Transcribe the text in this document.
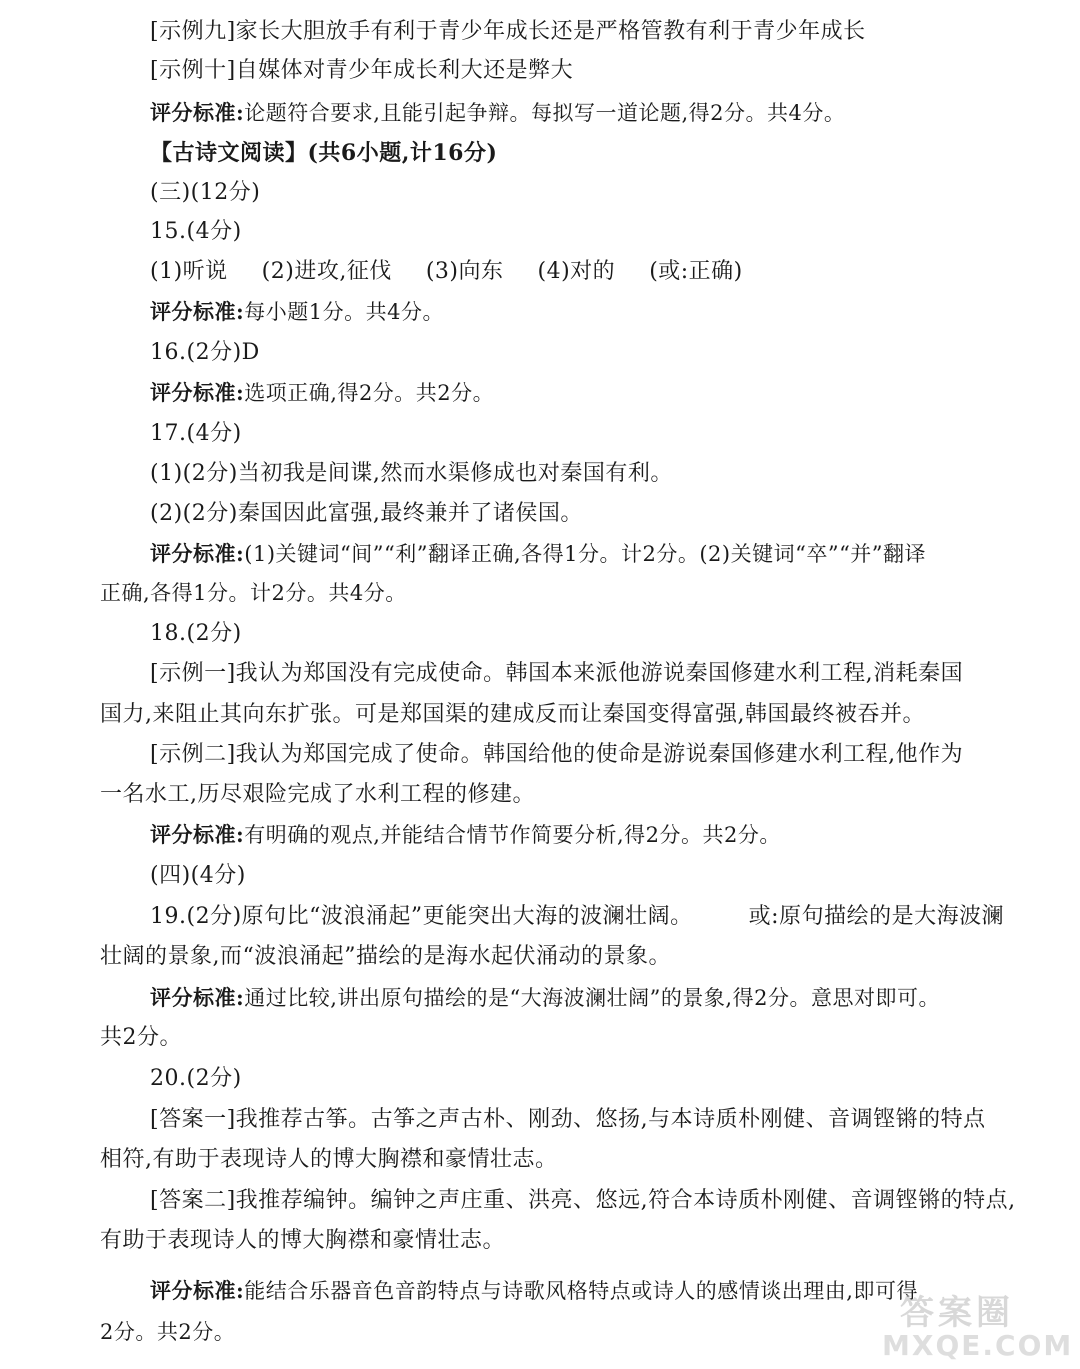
[示例九]家长大胆放手有利于青少年成长还是严格管教有利于青少年成长
[示例十]自媒体对青少年成长利大还是弊大
评分标准:论题符合要求,且能引起争辩。每拟写一道论题,得2分。共4分。
【古诗文阅读】(共6小题,计16分)
(三)(12分)
15.(4分)
(1)听说 (2)进攻,征伐 (3)向东 (4)对的 (或:正确)
评分标准:每小题1分。共4分。
16.(2分)D
评分标准:选项正确,得2分。共2分。
17.(4分)
(1)(2分)当初我是间谍,然而水渠修成也对秦国有利。
(2)(2分)秦国因此富强,最终兼并了诸侯国。
评分标准:(1)关键词“间”“利”翻译正确,各得1分。计2分。(2)关键词“卒”“并”翻译
正确,各得1分。计2分。共4分。
18.(2分)
[示例一]我认为郑国没有完成使命。韩国本来派他游说秦国修建水利工程,消耗秦国
国力,来阻止其向东扩张。可是郑国渠的建成反而让秦国变得富强,韩国最终被吞并。
[示例二]我认为郑国完成了使命。韩国给他的使命是游说秦国修建水利工程,他作为
一名水工,历尽艰险完成了水利工程的修建。
评分标准:有明确的观点,并能结合情节作简要分析,得2分。共2分。
(四)(4分)
19.(2分)原句比“波浪涌起”更能突出大海的波澜壮阔。	或:原句描绘的是大海波澜
壮阔的景象,而“波浪涌起”描绘的是海水起伏涌动的景象。
评分标准:通过比较,讲出原句描绘的是“大海波澜壮阔”的景象,得2分。意思对即可。
共2分。
20.(2分)
[答案一]我推荐古筝。古筝之声古朴、刚劲、悠扬,与本诗质朴刚健、音调铿锵的特点
相符,有助于表现诗人的博大胸襟和豪情壮志。
[答案二]我推荐编钟。编钟之声庄重、洪亮、悠远,符合本诗质朴刚健、音调铿锵的特点,
有助于表现诗人的博大胸襟和豪情壮志。
评分标准:能结合乐器音色音韵特点与诗歌风格特点或诗人的感情谈出理由,即可得
2分。共2分。	答案圈
MXQE.COM
